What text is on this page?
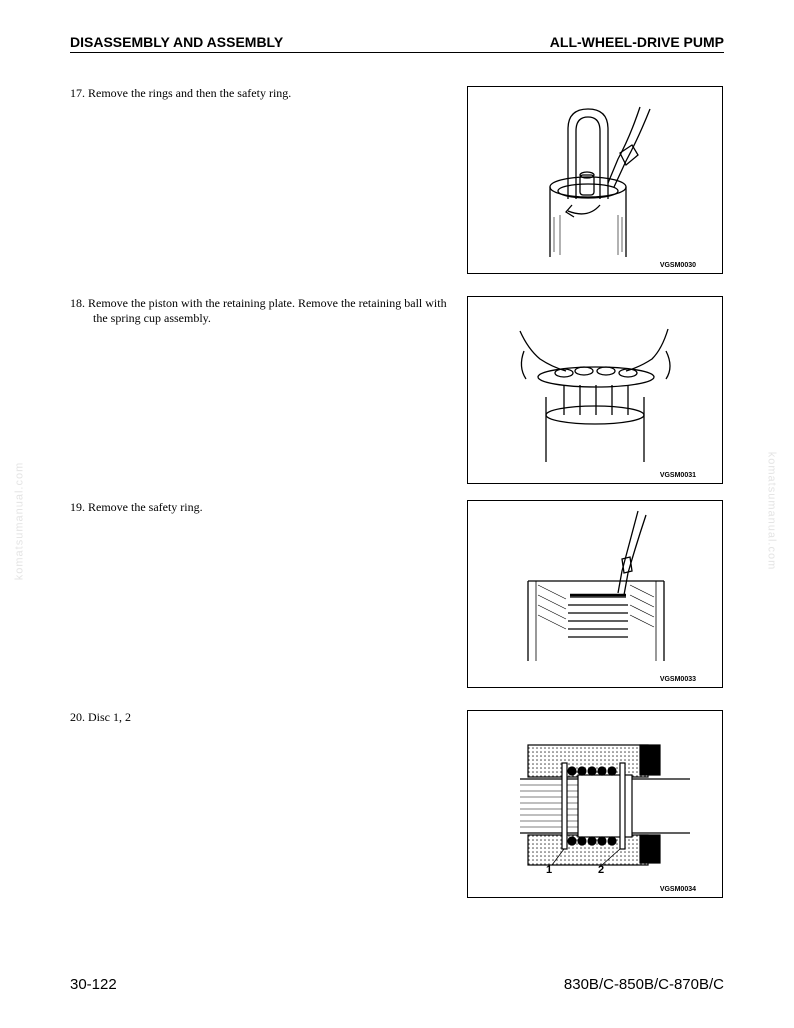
DISASSEMBLY AND ASSEMBLY	ALL-WHEEL-DRIVE PUMP
17. Remove the rings and then the safety ring.
VGSM0030
18. Remove the piston with the retaining plate. Remove the retaining ball with the spring cup assembly.
VGSM0031
19. Remove the safety ring.
VGSM0033
20. Disc 1, 2
1	2
VGSM0034
komatsumanual.com	komatsumanual.com
30-122	830B/C-850B/C-870B/C
